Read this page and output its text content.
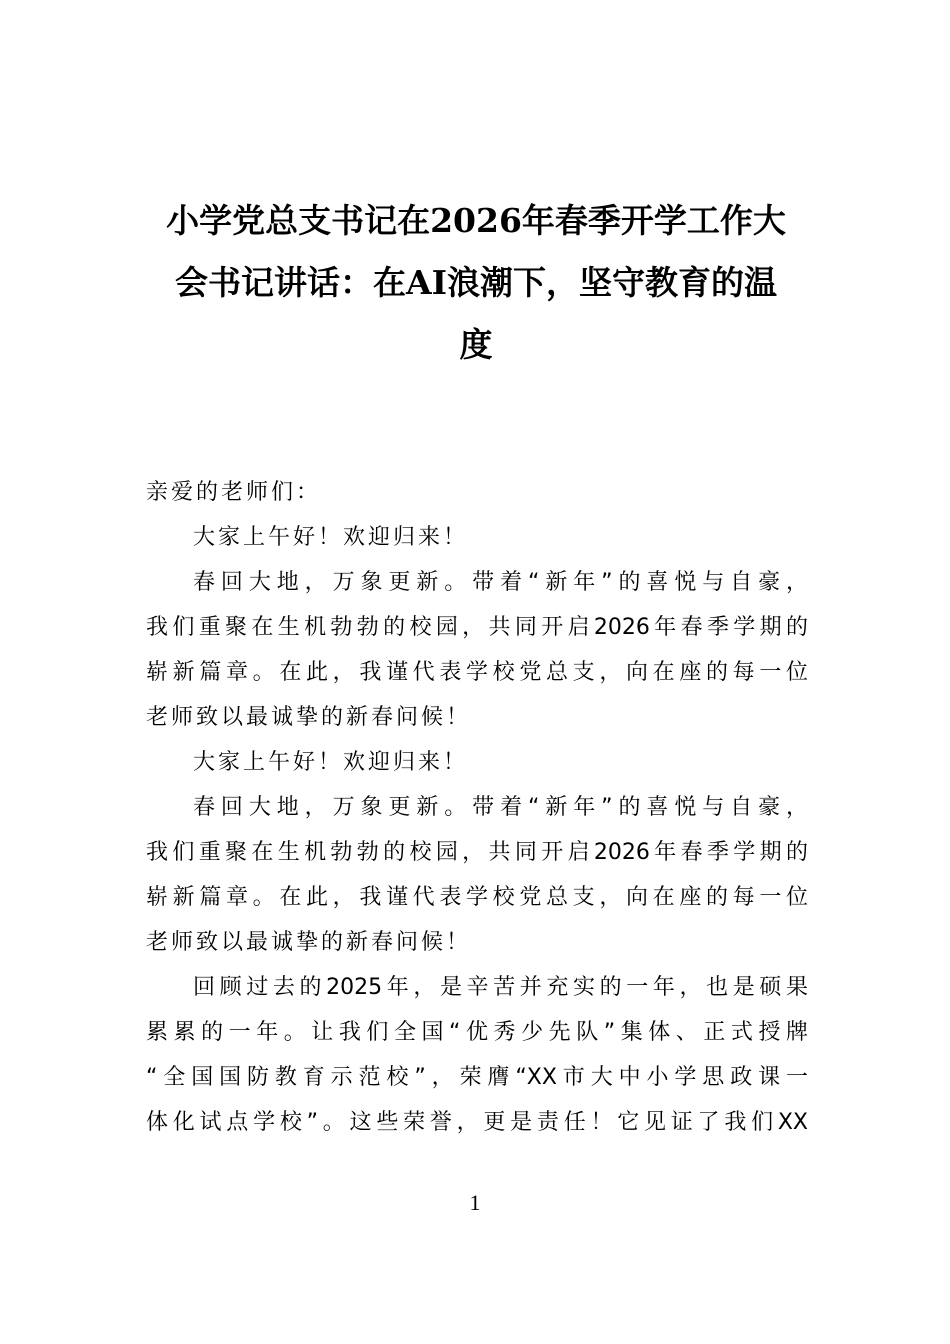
小学党总支书记在2026年春季开学工作大
会书记讲话：在AI浪潮下，坚守教育的温
度
亲爱的老师们：
大家上午好！欢迎归来！
春回大地，万象更新。带着“新年”的喜悦与自豪，
我们重聚在生机勃勃的校园，共同开启2026年春季学期的
崭新篇章。在此，我谨代表学校党总支，向在座的每一位
老师致以最诚挚的新春问候！
大家上午好！欢迎归来！
春回大地，万象更新。带着“新年”的喜悦与自豪，
我们重聚在生机勃勃的校园，共同开启2026年春季学期的
崭新篇章。在此，我谨代表学校党总支，向在座的每一位
老师致以最诚挚的新春问候！
回顾过去的2025年，是辛苦并充实的一年，也是硕果
累累的一年。让我们全国“优秀少先队”集体、正式授牌
“全国国防教育示范校”，荣膺“XX市大中小学思政课一
体化试点学校”。这些荣誉，更是责任！它见证了我们XX
1
